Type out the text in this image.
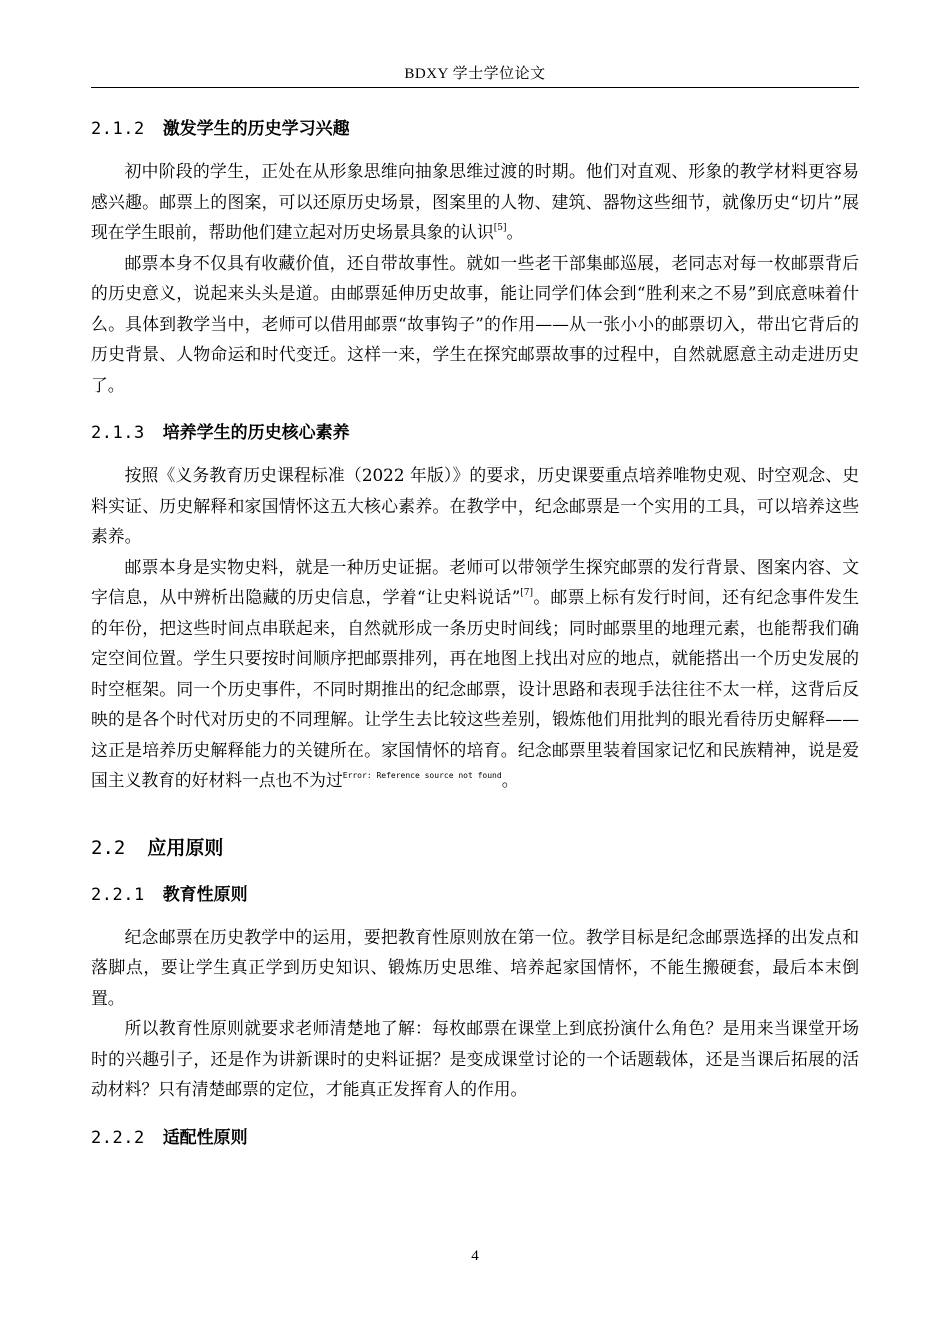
BDXY 学士学位论文
2.1.2 激发学生的历史学习兴趣

初中阶段的学生，正处在从形象思维向抽象思维过渡的时期。他们对直观、形象的教学材料更容易感兴趣。邮票上的图案，可以还原历史场景，图案里的人物、建筑、器物这些细节，就像历史“切片”展现在学生眼前，帮助他们建立起对历史场景具象的认识[5]。

邮票本身不仅具有收藏价值，还自带故事性。就如一些老干部集邮巡展，老同志对每一枚邮票背后的历史意义，说起来头头是道。由邮票延伸历史故事，能让同学们体会到“胜利来之不易”到底意味着什么。具体到教学当中，老师可以借用邮票“故事钩子”的作用——从一张小小的邮票切入，带出它背后的历史背景、人物命运和时代变迁。这样一来，学生在探究邮票故事的过程中，自然就愿意主动走进历史了。

2.1.3 培养学生的历史核心素养

按照《义务教育历史课程标准（2022 年版）》的要求，历史课要重点培养唯物史观、时空观念、史料实证、历史解释和家国情怀这五大核心素养。在教学中，纪念邮票是一个实用的工具，可以培养这些素养。

邮票本身是实物史料，就是一种历史证据。老师可以带领学生探究邮票的发行背景、图案内容、文字信息，从中辨析出隐藏的历史信息，学着“让史料说话”[7]。邮票上标有发行时间，还有纪念事件发生的年份，把这些时间点串联起来，自然就形成一条历史时间线；同时邮票里的地理元素，也能帮我们确定空间位置。学生只要按时间顺序把邮票排列，再在地图上找出对应的地点，就能搭出一个历史发展的时空框架。同一个历史事件，不同时期推出的纪念邮票，设计思路和表现手法往往不太一样，这背后反映的是各个时代对历史的不同理解。让学生去比较这些差别，锻炼他们用批判的眼光看待历史解释——这正是培养历史解释能力的关键所在。家国情怀的培育。纪念邮票里装着国家记忆和民族精神，说是爱国主义教育的好材料一点也不为过$^{Error: Reference source not found}$。

2.2 应用原则
2.2.1 教育性原则

纪念邮票在历史教学中的运用，要把教育性原则放在第一位。教学目标是纪念邮票选择的出发点和落脚点，要让学生真正学到历史知识、锻炼历史思维、培养起家国情怀，不能生搬硬套，最后本末倒置。

所以教育性原则就要求老师清楚地了解：每枚邮票在课堂上到底扮演什么角色？是用来当课堂开场时的兴趣引子，还是作为讲新课时的史料证据？是变成课堂讨论的一个话题载体，还是当课后拓展的活动材料？只有清楚邮票的定位，才能真正发挥育人的作用。

2.2.2 适配性原则
4
